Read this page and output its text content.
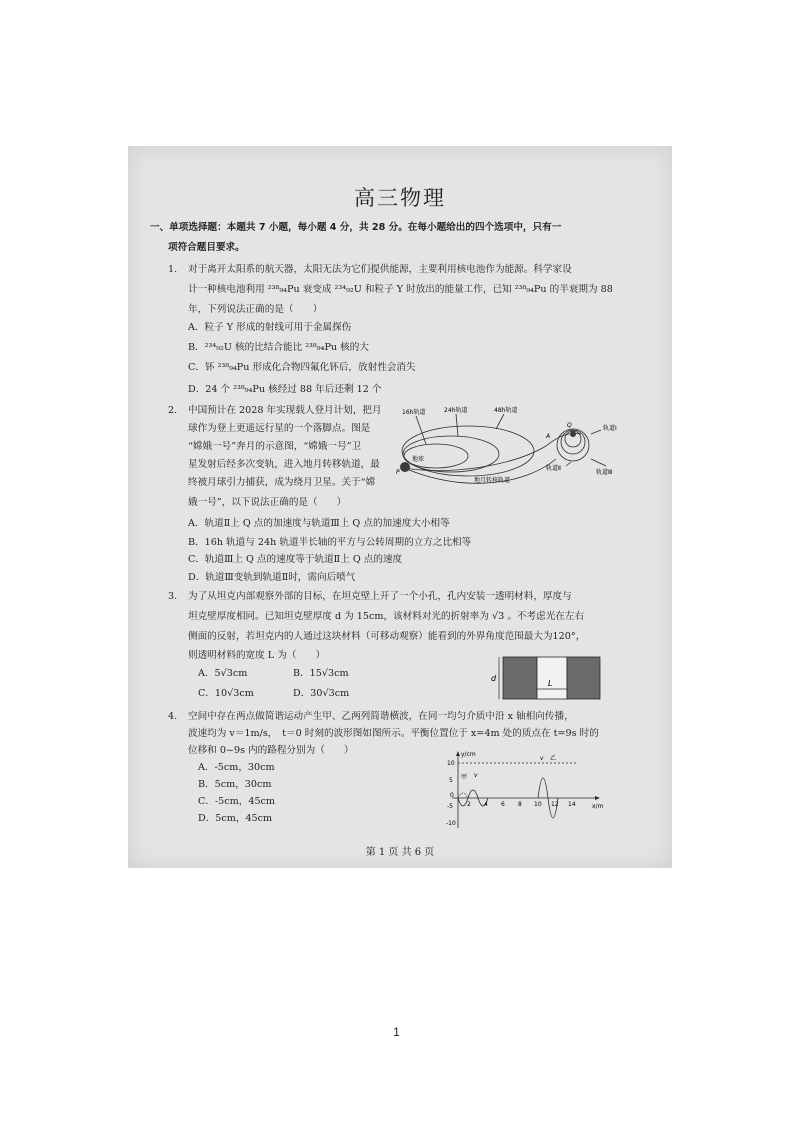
高三物理
一、单项选择题：本题共 7 小题，每小题 4 分，共 28 分。在每小题给出的四个选项中，只有一
项符合题目要求。
1. 对于离开太阳系的航天器，太阳无法为它们提供能源，主要利用核电池作为能源。科学家设
计一种核电池利用 ²³⁸₉₄Pu 衰变成 ²³⁴₉₂U 和粒子 Y 时放出的能量工作，已知 ²³⁸₉₄Pu 的半衰期为 88
年，下列说法正确的是（　　）
A．粒子 Y 形成的射线可用于金属探伤
B．²³⁴₉₂U 核的比结合能比 ²³⁸₉₄Pu 核的大
C．钚 ²³⁸₉₄Pu 形成化合物四氟化钚后，放射性会消失
D．24 个 ²³⁸₉₄Pu 核经过 88 年后还剩 12 个
2. 中国预计在 2028 年实现载人登月计划，把月
球作为登上更遥远行星的一个落脚点。图是
“嫦娥一号”奔月的示意图，“嫦娥一号”卫
星发射后经多次变轨，进入地月转移轨道，最
终被月球引力捕获，成为绕月卫星。关于“嫦
娥一号”，以下说法正确的是（　　）
16h轨道	24h轨道	48h轨道
地球
地月转移轨道
A
Q
P
轨道Ⅰ
轨道Ⅱ
轨道Ⅲ
A．轨道Ⅱ上 Q 点的加速度与轨道Ⅲ上 Q 点的加速度大小相等
B．16h 轨道与 24h 轨道半长轴的平方与公转周期的立方之比相等
C．轨道Ⅲ上 Q 点的速度等于轨道Ⅱ上 Q 点的速度
D．轨道Ⅲ变轨到轨道Ⅱ时，需向后喷气
3. 为了从坦克内部观察外部的目标，在坦克壁上开了一个小孔，孔内安装一透明材料，厚度与
坦克壁厚度相同。已知坦克壁厚度 d 为 15cm，该材料对光的折射率为 √3 。不考虑光在左右
侧面的反射，若坦克内的人通过这块材料（可移动观察）能看到的外界角度范围最大为120°，
则透明材料的宽度 L 为（　　）
A．5√3cm	B．15√3cm
C．10√3cm	D．30√3cm
d
L
4. 空间中存在两点做简谐运动产生甲、乙两列简谐横波，在同一均匀介质中沿 x 轴相向传播，
波速均为 v＝1m/s，　t＝0 时刻的波形图如图所示。平衡位置位于 x=4m 处的质点在 t=9s 时的
位移和 0~9s 内的路程分别为（　　）
A．-5cm，30cm
B．5cm，30cm
C．-5cm，45cm
D．5cm，45cm
y/cm
x/m
10
5
0
-5
-10
2 4 6 8 10 12 14
甲 v
v 乙
第 1 页 共 6 页
1
